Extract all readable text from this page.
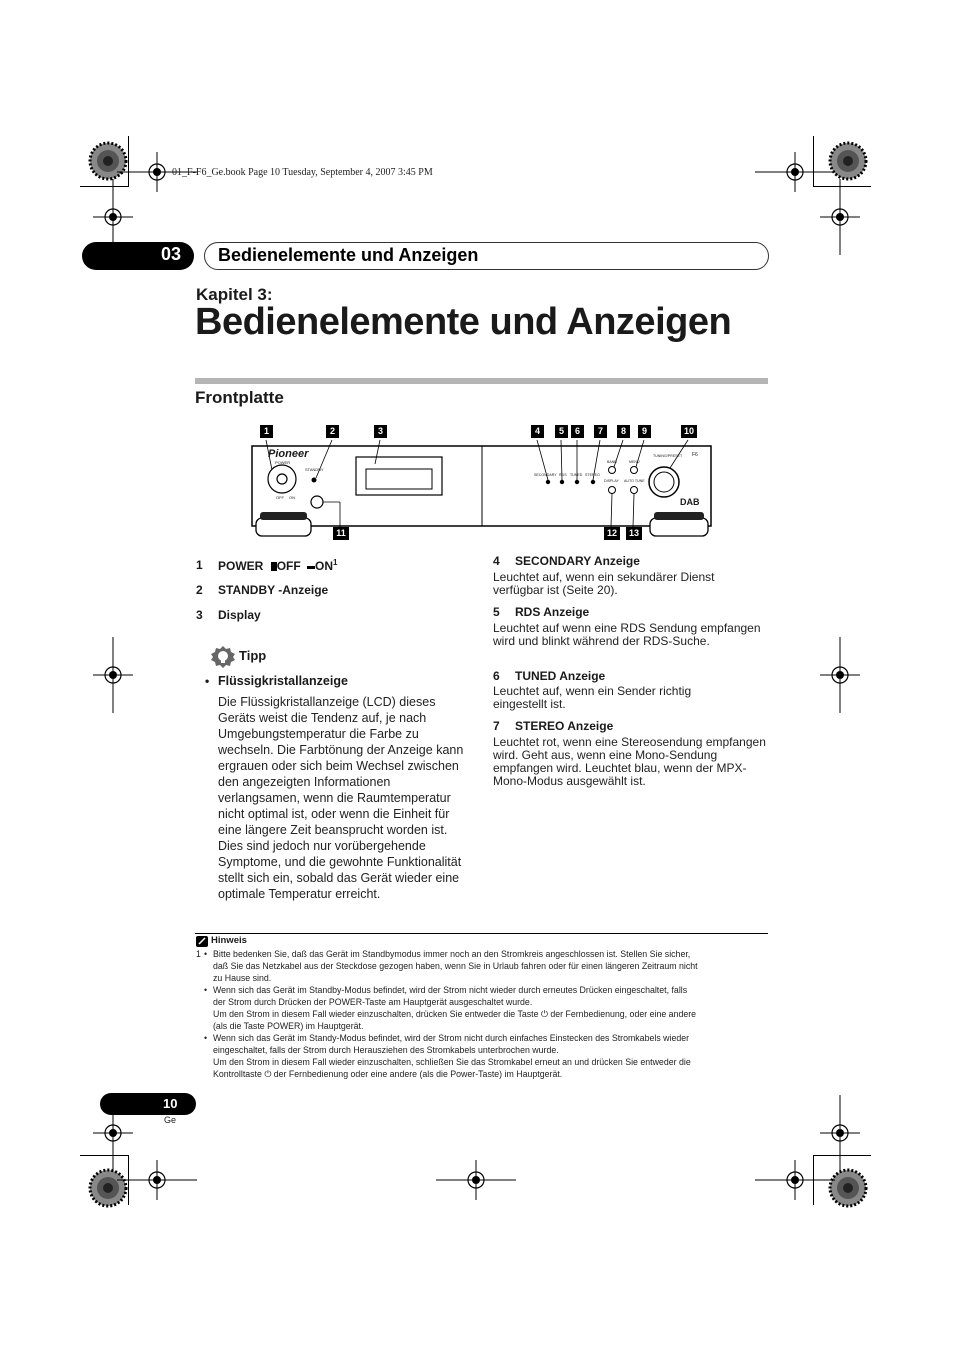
01_F-F6_Ge.book Page 10 Tuesday, September 4, 2007 3:45 PM
03	Bedienelemente und Anzeigen
Kapitel 3:
Bedienelemente und Anzeigen
Frontplatte
Pioneer
POWER
STANDBY
OFF ON
SECONDARY RDS TUNED STEREO
BAND	MENU
DISPLAY AUTO TUNE
TUNING/PRESET F6
DAB
1	2	3	4	5	6	7	8	9	10
11	12	13
1 POWER OFF $ON^1$
2 STANDBY -Anzeige
3 Display
Tipp
• Flüssigkristallanzeige
Die Flüssigkristallanzeige (LCD) dieses Geräts weist die Tendenz auf, je nach Umgebungstemperatur die Farbe zu wechseln. Die Farbtönung der Anzeige kann ergrauen oder sich beim Wechsel zwischen den angezeigten Informationen verlangsamen, wenn die Raumtemperatur nicht optimal ist, oder wenn die Einheit für eine längere Zeit beansprucht worden ist. Dies sind jedoch nur vorübergehende Symptome, und die gewohnte Funktionalität stellt sich ein, sobald das Gerät wieder eine optimale Temperatur erreicht.
4 SECONDARY Anzeige
Leuchtet auf, wenn ein sekundärer Dienst verfügbar ist (Seite 20).
5 RDS Anzeige
Leuchtet auf wenn eine RDS Sendung empfangen wird und blinkt während der RDS-Suche.
6 TUNED Anzeige
Leuchtet auf, wenn ein Sender richtig eingestellt ist.
7 STEREO Anzeige
Leuchtet rot, wenn eine Stereosendung empfangen wird. Geht aus, wenn eine Mono-Sendung empfangen wird. Leuchtet blau, wenn der MPX-Mono-Modus ausgewählt ist.
Hinweis
1 • Bitte bedenken Sie, daß das Gerät im Standbymodus immer noch an den Stromkreis angeschlossen ist. Stellen Sie sicher,
daß Sie das Netzkabel aus der Steckdose gezogen haben, wenn Sie in Urlaub fahren oder für einen längeren Zeitraum nicht
zu Hause sind.
• Wenn sich das Gerät im Standby-Modus befindet, wird der Strom nicht wieder durch erneutes Drücken eingeschaltet, falls
der Strom durch Drücken der POWER-Taste am Hauptgerät ausgeschaltet wurde.
Um den Strom in diesem Fall wieder einzuschalten, drücken Sie entweder die Taste ⏻ der Fernbedienung, oder eine andere
(als die Taste POWER) im Hauptgerät.
• Wenn sich das Gerät im Standy-Modus befindet, wird der Strom nicht durch einfaches Einstecken des Stromkabels wieder
eingeschaltet, falls der Strom durch Herausziehen des Stromkabels unterbrochen wurde.
Um den Strom in diesem Fall wieder einzuschalten, schließen Sie das Stromkabel erneut an und drücken Sie entweder die
Kontrolltaste ⏻ der Fernbedienung oder eine andere (als die Power-Taste) im Hauptgerät.
10
Ge
